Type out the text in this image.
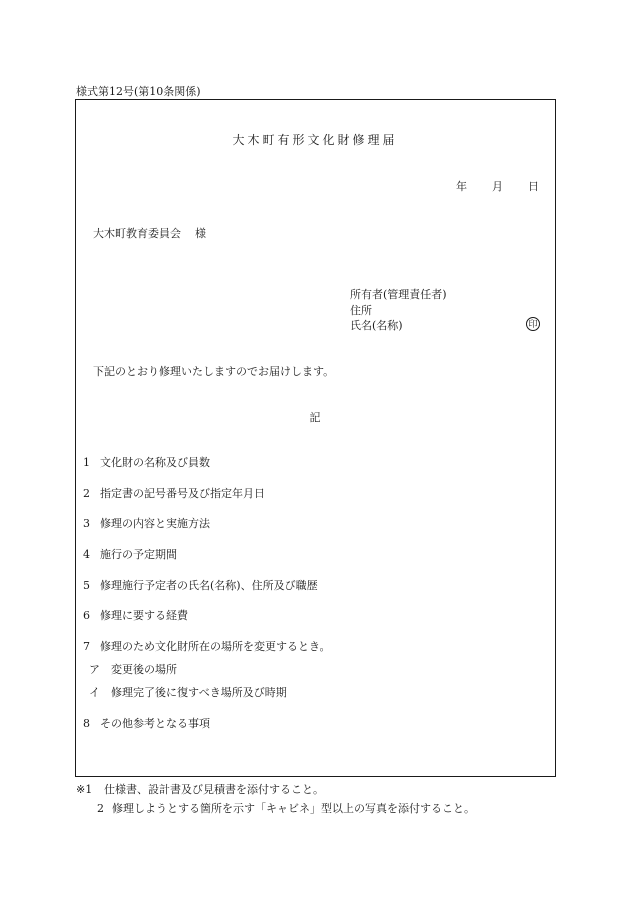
様式第12号(第10条関係)
大木町有形文化財修理届
年 月 日
大木町教育委員会 様
所有者(管理責任者)
住所
氏名(名称)	印
下記のとおり修理いたしますのでお届けします。
記
1 文化財の名称及び員数
2 指定書の記号番号及び指定年月日
3 修理の内容と実施方法
4 施行の予定期間
5 修理施行予定者の氏名(名称)、住所及び職歴
6 修理に要する経費
7 修理のため文化財所在の場所を変更するとき。
ア 変更後の場所
イ 修理完了後に復すべき場所及び時期
8 その他参考となる事項
※1 仕様書、設計書及び見積書を添付すること。
2 修理しようとする箇所を示す「キャビネ」型以上の写真を添付すること。
